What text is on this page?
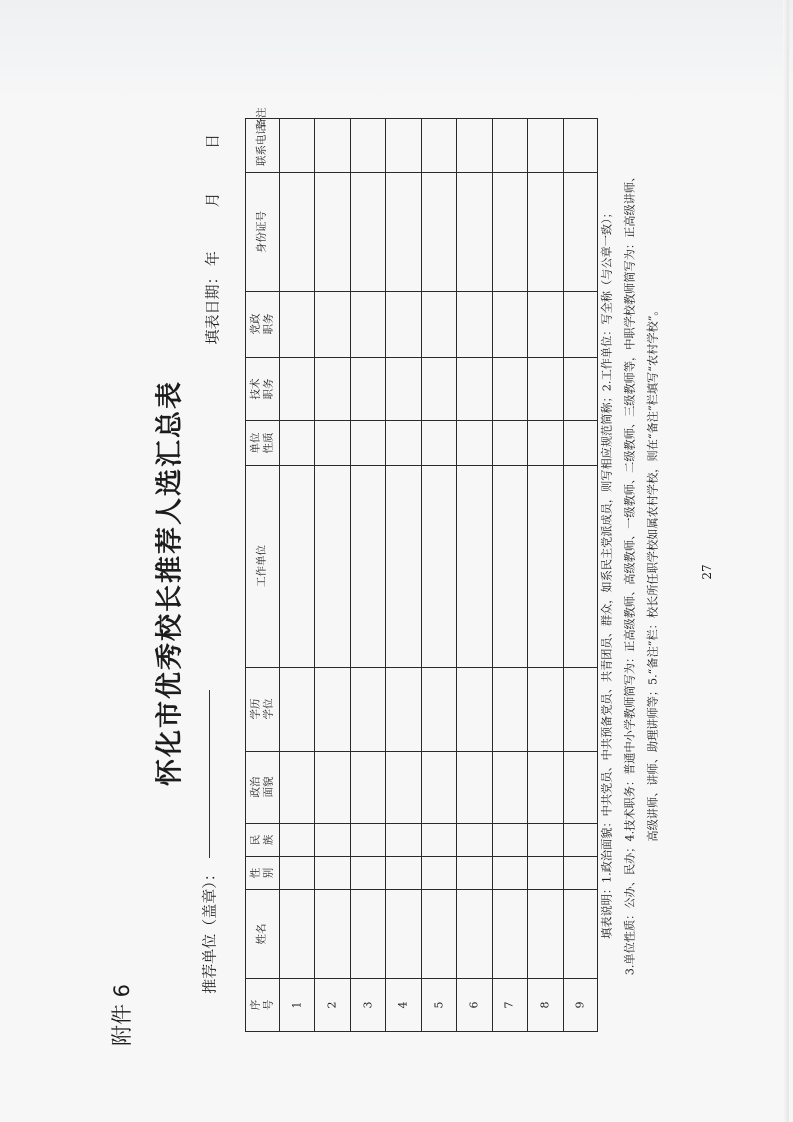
附件 6
怀化市优秀校长推荐人选汇总表
推荐单位（盖章）：
填表日期：
年  月  日
序 号
姓名
性 别
民 族
政治 面貌
学历 学位
工作单位
单位 性质
技术 职务
党政 职务
身份证号
联系电话
备注
1 2 3 4 5 6 7 8 9
填表说明：1.政治面貌：中共党员、中共预备党员、共青团员、群众，如系民主党派成员，则写相应规范简称；2.工作单位：写全称（与公章一致）； 3.单位性质：公办、民办；4.技术职务：普通中小学教师简写为：正高级教师、高级教师、一级教师、二级教师、三级教师等，中职学校教师简写为：正高级讲师、 高级讲师、讲师、助理讲师等；5.“备注”栏：校长所任职学校如属农村学校，则在“备注”栏填写“农村学校”。	27
